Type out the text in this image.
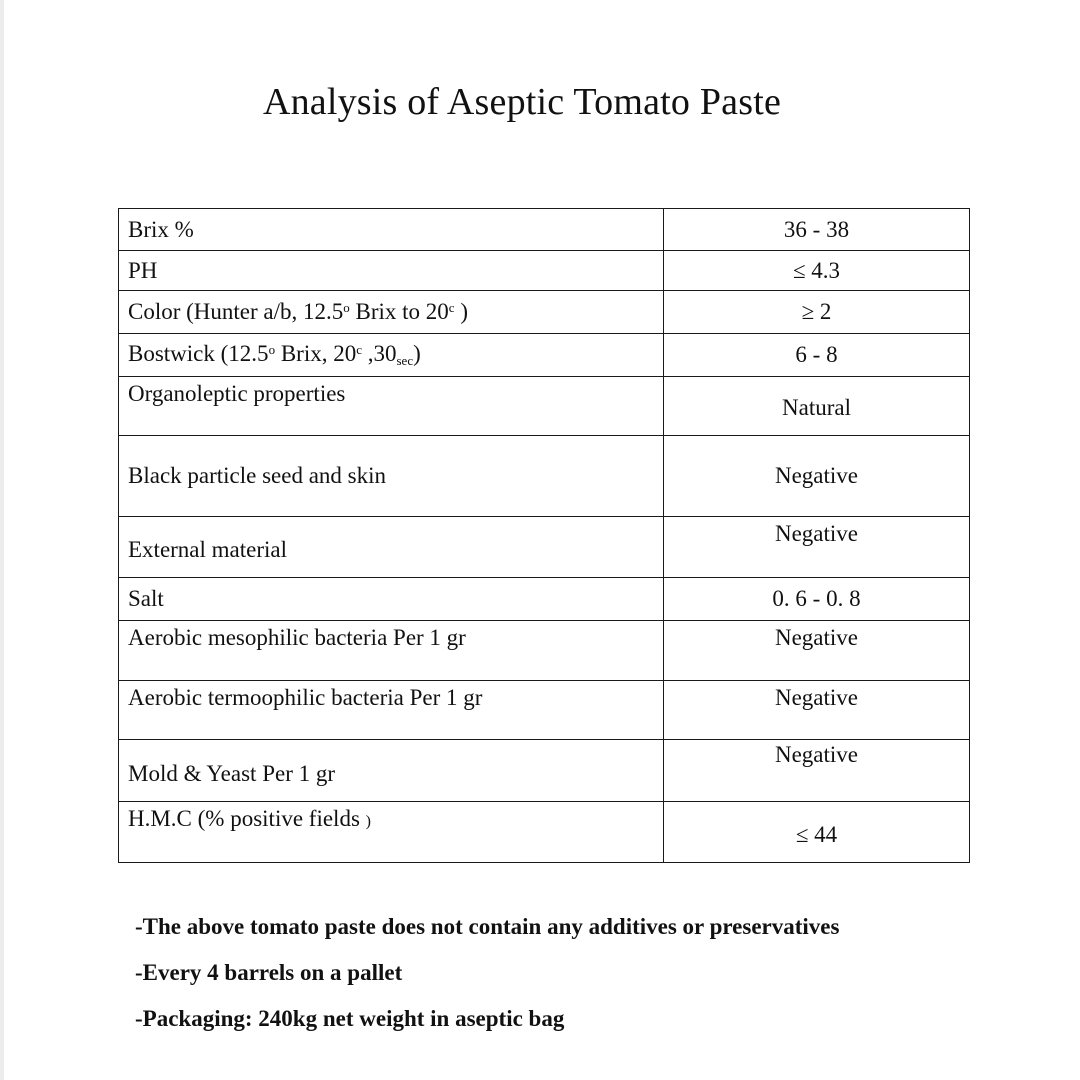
Analysis of Aseptic Tomato Paste
Brix %	36 - 38
PH	≤ 4.3
Color (Hunter a/b, 12.5$^o$ Brix to 20$^c$ )	≥ 2
Bostwick (12.5$^o$ Brix, 20$^c$ $,30_{sec}$)	6 - 8
Organoleptic properties	Natural
Black particle seed and skin	Negative
External material	Negative
Salt	0. 6 - 0. 8
Aerobic mesophilic bacteria Per 1 gr	Negative
Aerobic termoophilic bacteria Per 1 gr	Negative
Mold & Yeast Per 1 gr	Negative
H.M.C (% positive fields )	≤ 44
-The above tomato paste does not contain any additives or preservatives
-Every 4 barrels on a pallet
-Packaging: 240kg net weight in aseptic bag
